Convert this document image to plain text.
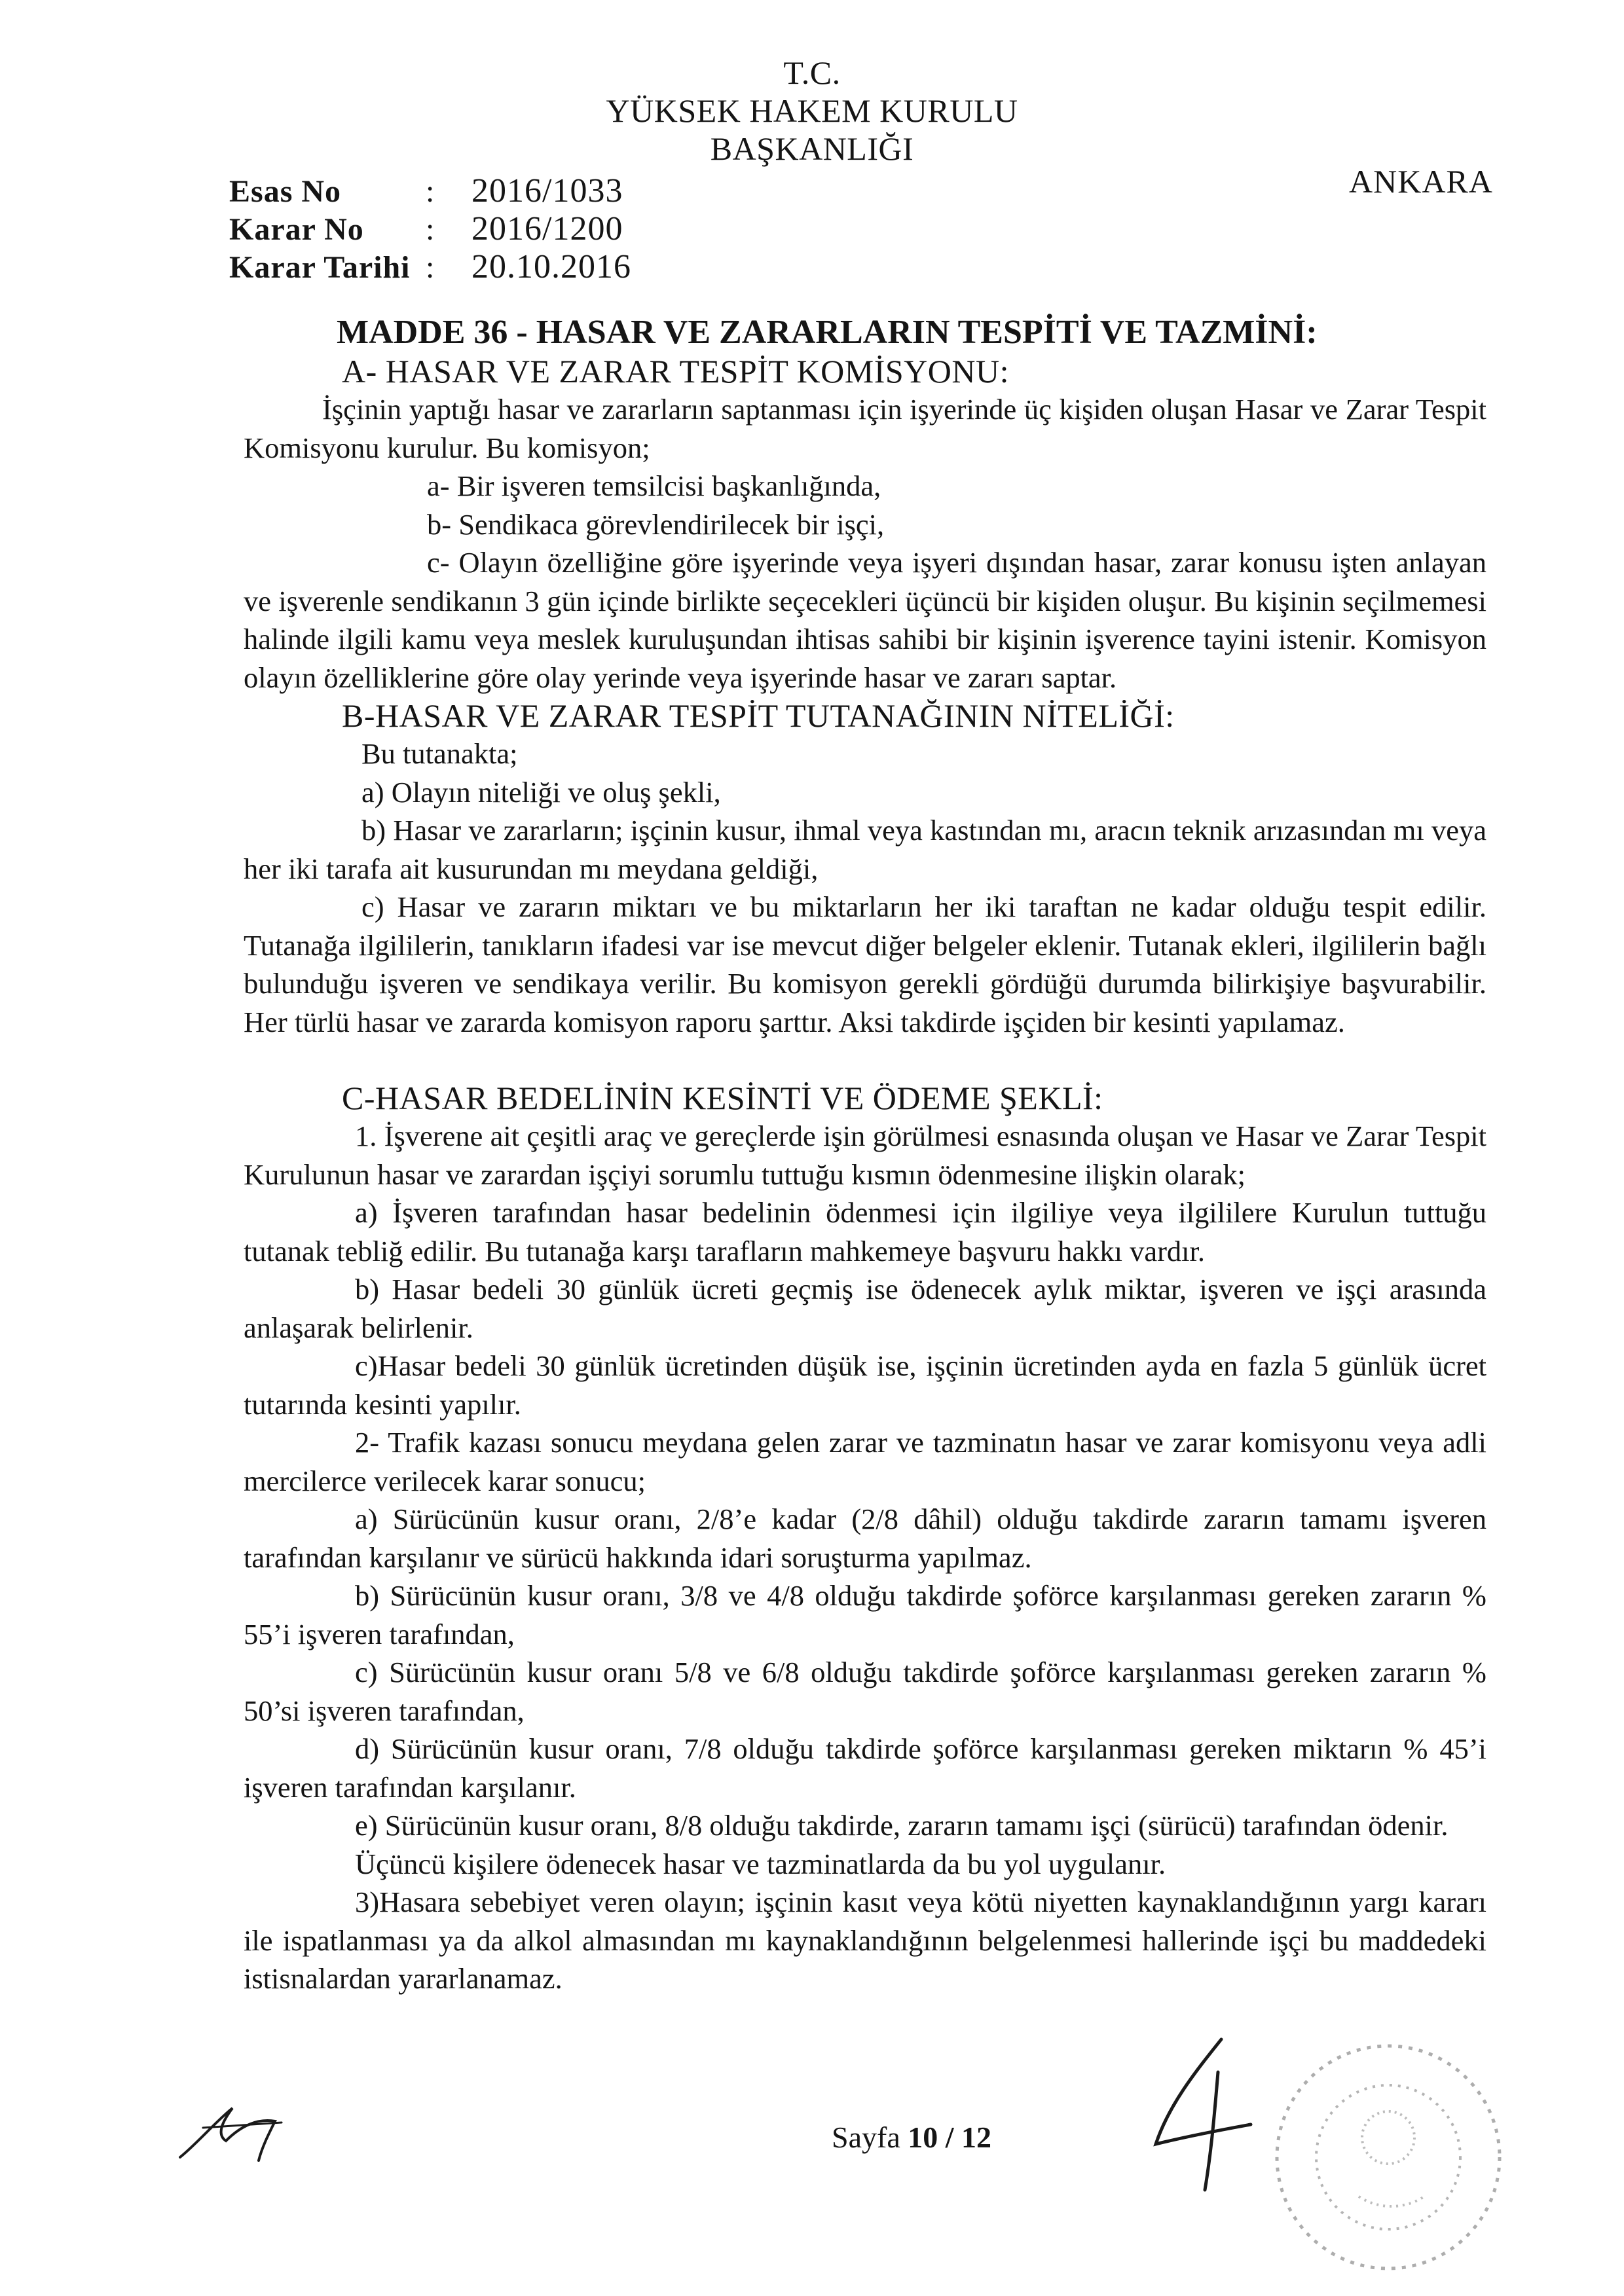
T.C.
YÜKSEK HAKEM KURULU
BAŞKANLIĞI
ANKARA
Esas No	:	2016/1033
Karar No	:	2016/1200
Karar Tarihi :	20.10.2016

MADDE 36 - HASAR VE ZARARLARIN TESPİTİ VE TAZMİNİ:

A- HASAR VE ZARAR TESPİT KOMİSYONU:

İşçinin yaptığı hasar ve zararların saptanması için işyerinde üç kişiden oluşan Hasar ve Zarar Tespit Komisyonu kurulur. Bu komisyon;

a- Bir işveren temsilcisi başkanlığında,

b- Sendikaca görevlendirilecek bir işçi,

c- Olayın özelliğine göre işyerinde veya işyeri dışından hasar, zarar konusu işten anlayan ve işverenle sendikanın 3 gün içinde birlikte seçecekleri üçüncü bir kişiden oluşur. Bu kişinin seçilmemesi halinde ilgili kamu veya meslek kuruluşundan ihtisas sahibi bir kişinin işverence tayini istenir. Komisyon olayın özelliklerine göre olay yerinde veya işyerinde hasar ve zararı saptar.

B-HASAR VE ZARAR TESPİT TUTANAĞININ NİTELİĞİ:

Bu tutanakta;

a) Olayın niteliği ve oluş şekli,

b) Hasar ve zararların; işçinin kusur, ihmal veya kastından mı, aracın teknik arızasından mı veya her iki tarafa ait kusurundan mı meydana geldiği,

c) Hasar ve zararın miktarı ve bu miktarların her iki taraftan ne kadar olduğu tespit edilir. Tutanağa ilgililerin, tanıkların ifadesi var ise mevcut diğer belgeler eklenir. Tutanak ekleri, ilgililerin bağlı bulunduğu işveren ve sendikaya verilir. Bu komisyon gerekli gördüğü durumda bilirkişiye başvurabilir. Her türlü hasar ve zararda komisyon raporu şarttır. Aksi takdirde işçiden bir kesinti yapılamaz.

C-HASAR BEDELİNİN KESİNTİ VE ÖDEME ŞEKLİ:

1. İşverene ait çeşitli araç ve gereçlerde işin görülmesi esnasında oluşan ve Hasar ve Zarar Tespit Kurulunun hasar ve zarardan işçiyi sorumlu tuttuğu kısmın ödenmesine ilişkin olarak;

a) İşveren tarafından hasar bedelinin ödenmesi için ilgiliye veya ilgililere Kurulun tuttuğu tutanak tebliğ edilir. Bu tutanağa karşı tarafların mahkemeye başvuru hakkı vardır.

b) Hasar bedeli 30 günlük ücreti geçmiş ise ödenecek aylık miktar, işveren ve işçi arasında anlaşarak belirlenir.

c)Hasar bedeli 30 günlük ücretinden düşük ise, işçinin ücretinden ayda en fazla 5 günlük ücret tutarında kesinti yapılır.

2- Trafik kazası sonucu meydana gelen zarar ve tazminatın hasar ve zarar komisyonu veya adli mercilerce verilecek karar sonucu;

a) Sürücünün kusur oranı, 2/8’e kadar (2/8 dâhil) olduğu takdirde zararın tamamı işveren tarafından karşılanır ve sürücü hakkında idari soruşturma yapılmaz.

b) Sürücünün kusur oranı, 3/8 ve 4/8 olduğu takdirde şoförce karşılanması gereken zararın % 55’i işveren tarafından,

c) Sürücünün kusur oranı 5/8 ve 6/8 olduğu takdirde şoförce karşılanması gereken zararın % 50’si işveren tarafından,

d) Sürücünün kusur oranı, 7/8 olduğu takdirde şoförce karşılanması gereken miktarın % 45’i işveren tarafından karşılanır.

e) Sürücünün kusur oranı, 8/8 olduğu takdirde, zararın tamamı işçi (sürücü) tarafından ödenir.

Üçüncü kişilere ödenecek hasar ve tazminatlarda da bu yol uygulanır.

3)Hasara sebebiyet veren olayın; işçinin kasıt veya kötü niyetten kaynaklandığının yargı kararı ile ispatlanması ya da alkol almasından mı kaynaklandığının belgelenmesi hallerinde işçi bu maddedeki istisnalardan yararlanamaz.

Sayfa 10 / 12
